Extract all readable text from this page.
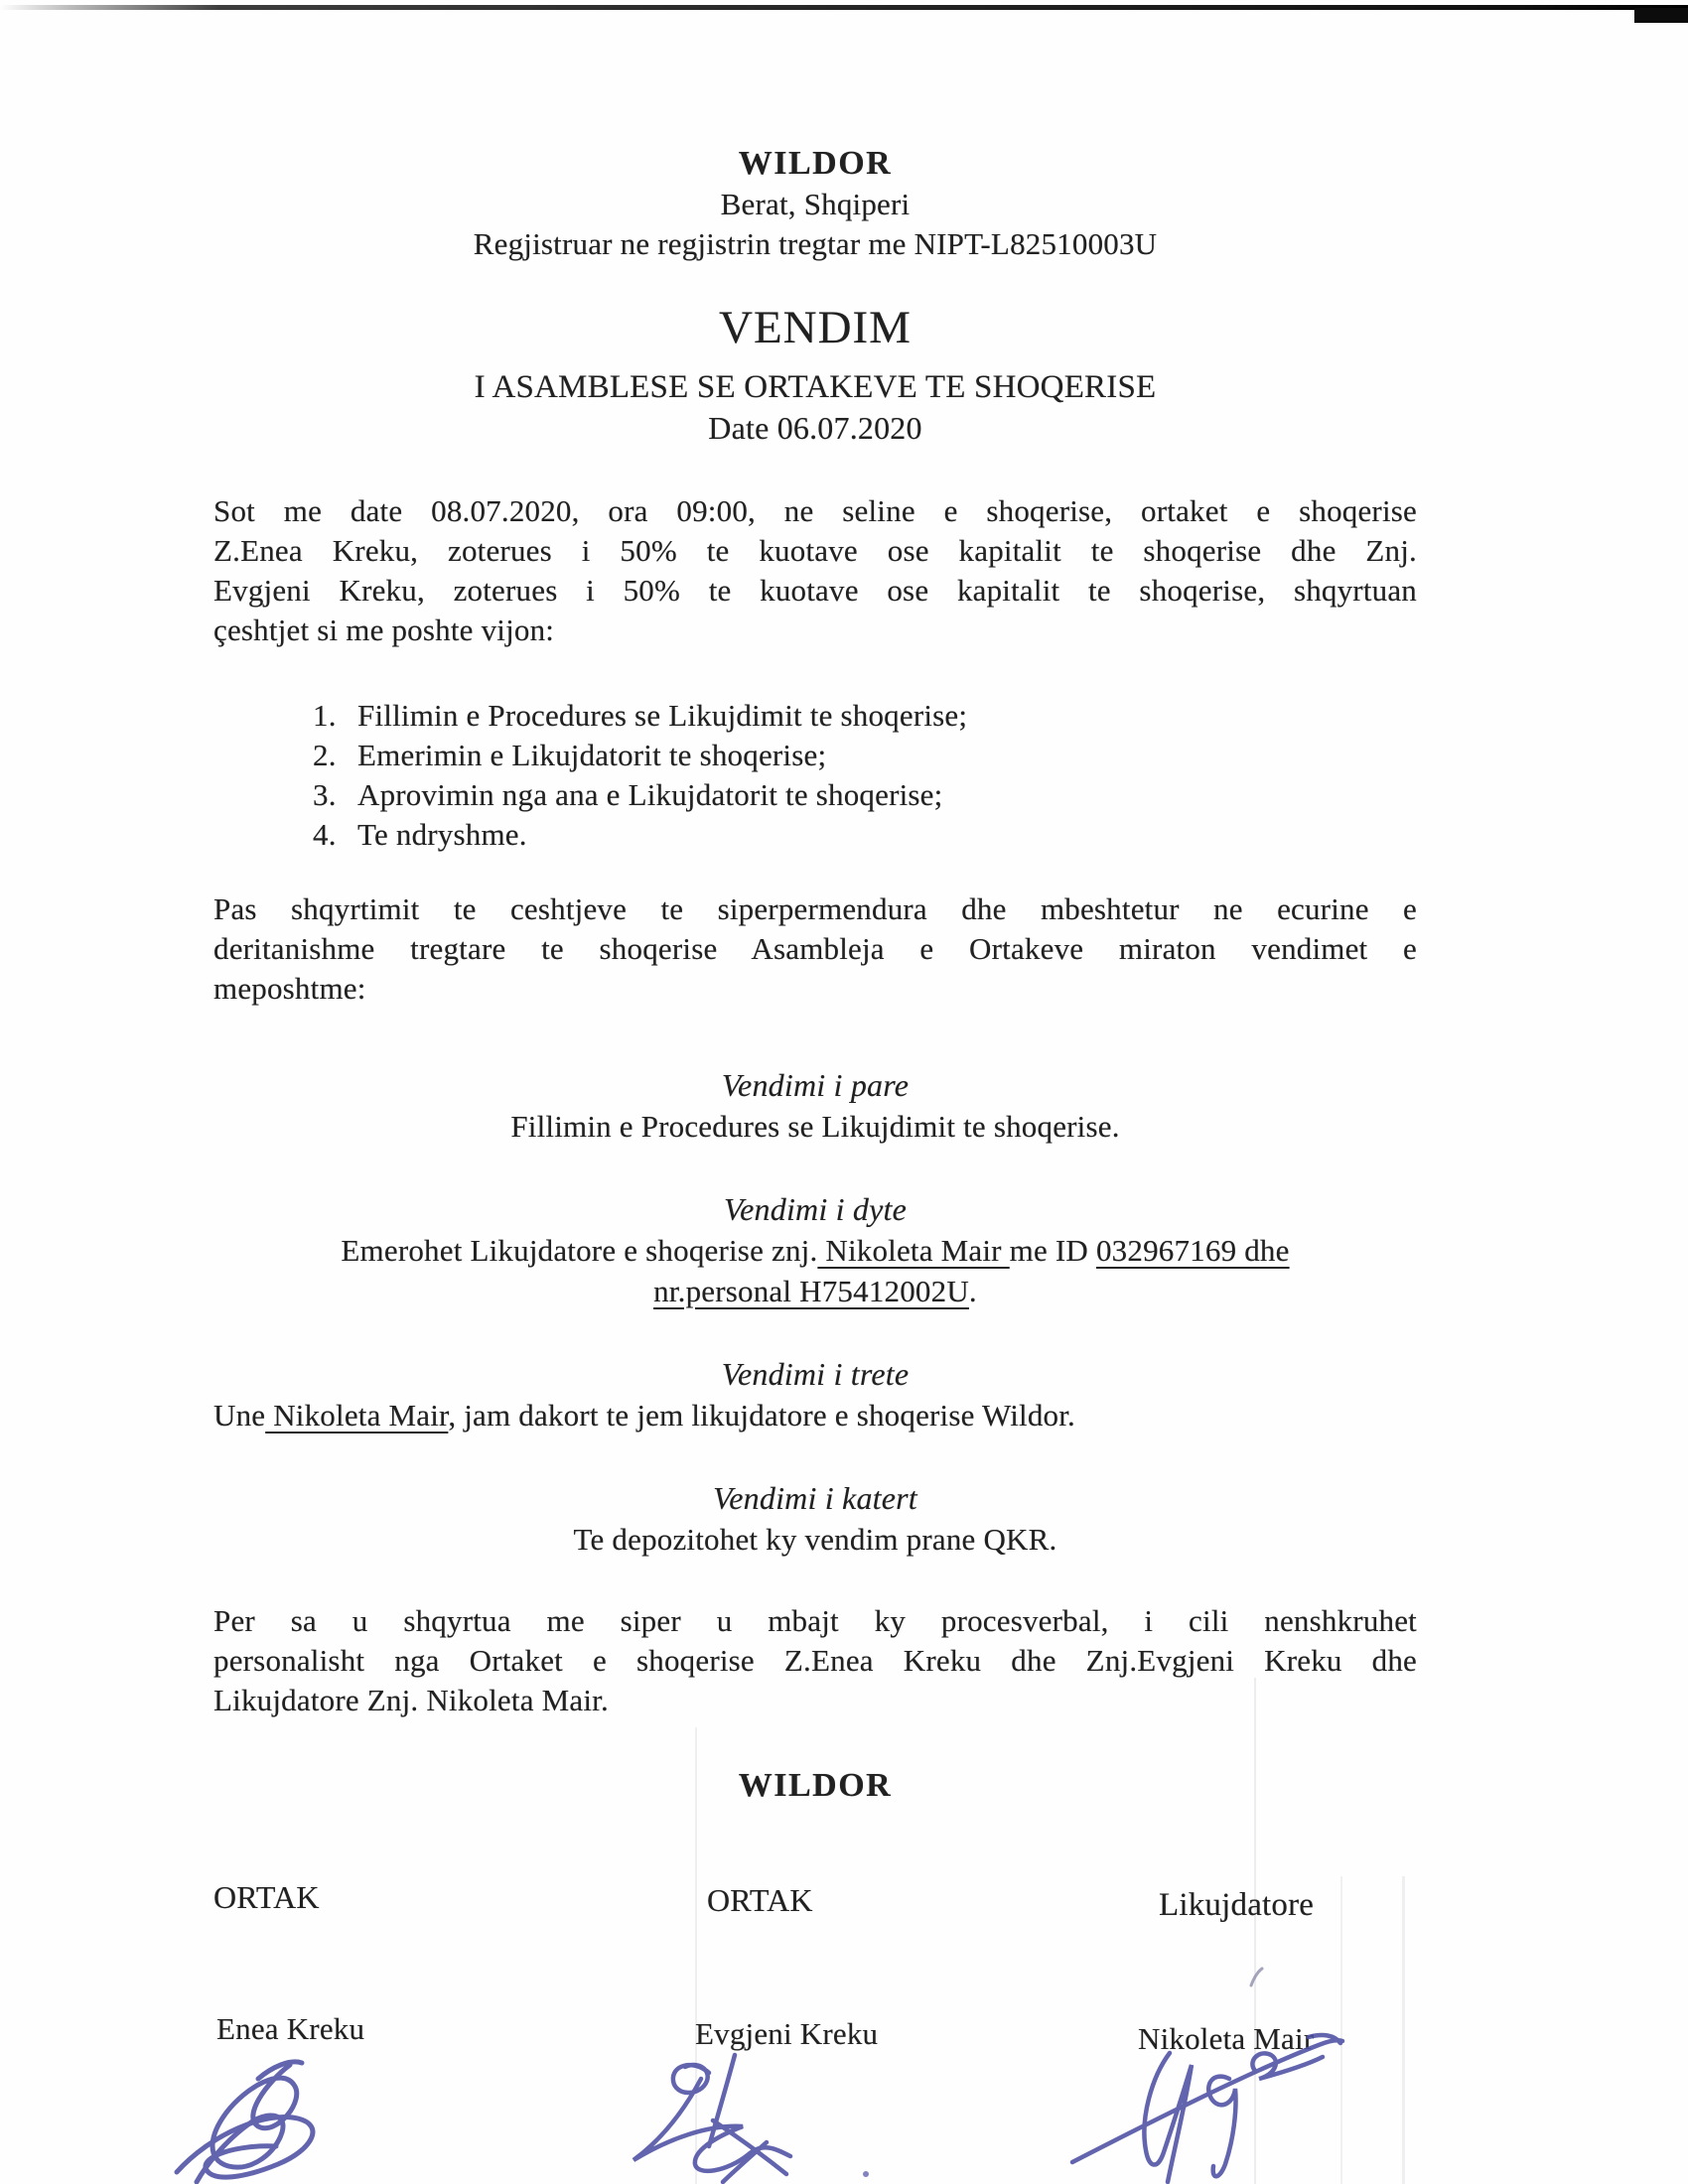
WILDOR
Berat, Shqiperi
Regjistruar ne regjistrin tregtar me NIPT-L82510003U
VENDIM
I ASAMBLESE SE ORTAKEVE TE SHOQERISE
Date 06.07.2020
Sot me date 08.07.2020, ora 09:00, ne seline e shoqerise, ortaket e shoqerise
Z.Enea Kreku, zoterues i 50% te kuotave ose kapitalit te shoqerise dhe Znj.
Evgjeni Kreku, zoterues i 50% te kuotave ose kapitalit te shoqerise, shqyrtuan
çeshtjet si me poshte vijon:
1. Fillimin e Procedures se Likujdimit te shoqerise;
2. Emerimin e Likujdatorit te shoqerise;
3. Aprovimin nga ana e Likujdatorit te shoqerise;
4. Te ndryshme.
Pas shqyrtimit te ceshtjeve te siperpermendura dhe mbeshtetur ne ecurine e
deritanishme tregtare te shoqerise Asambleja e Ortakeve miraton vendimet e
meposhtme:
Vendimi i pare
Fillimin e Procedures se Likujdimit te shoqerise.
Vendimi i dyte
Emerohet Likujdatore e shoqerise znj. Nikoleta Mair me ID 032967169 dhe
nr.personal H75412002U.
Vendimi i trete
Une Nikoleta Mair, jam dakort te jem likujdatore e shoqerise Wildor.
Vendimi i katert
Te depozitohet ky vendim prane QKR.
Per sa u shqyrtua me siper u mbajt ky procesverbal, i cili nenshkruhet
personalisht nga Ortaket e shoqerise Z.Enea Kreku dhe Znj.Evgjeni Kreku dhe
Likujdatore Znj. Nikoleta Mair.
WILDOR
ORTAK	ORTAK	Likujdatore
Enea Kreku	Evgjeni Kreku	Nikoleta Mair
